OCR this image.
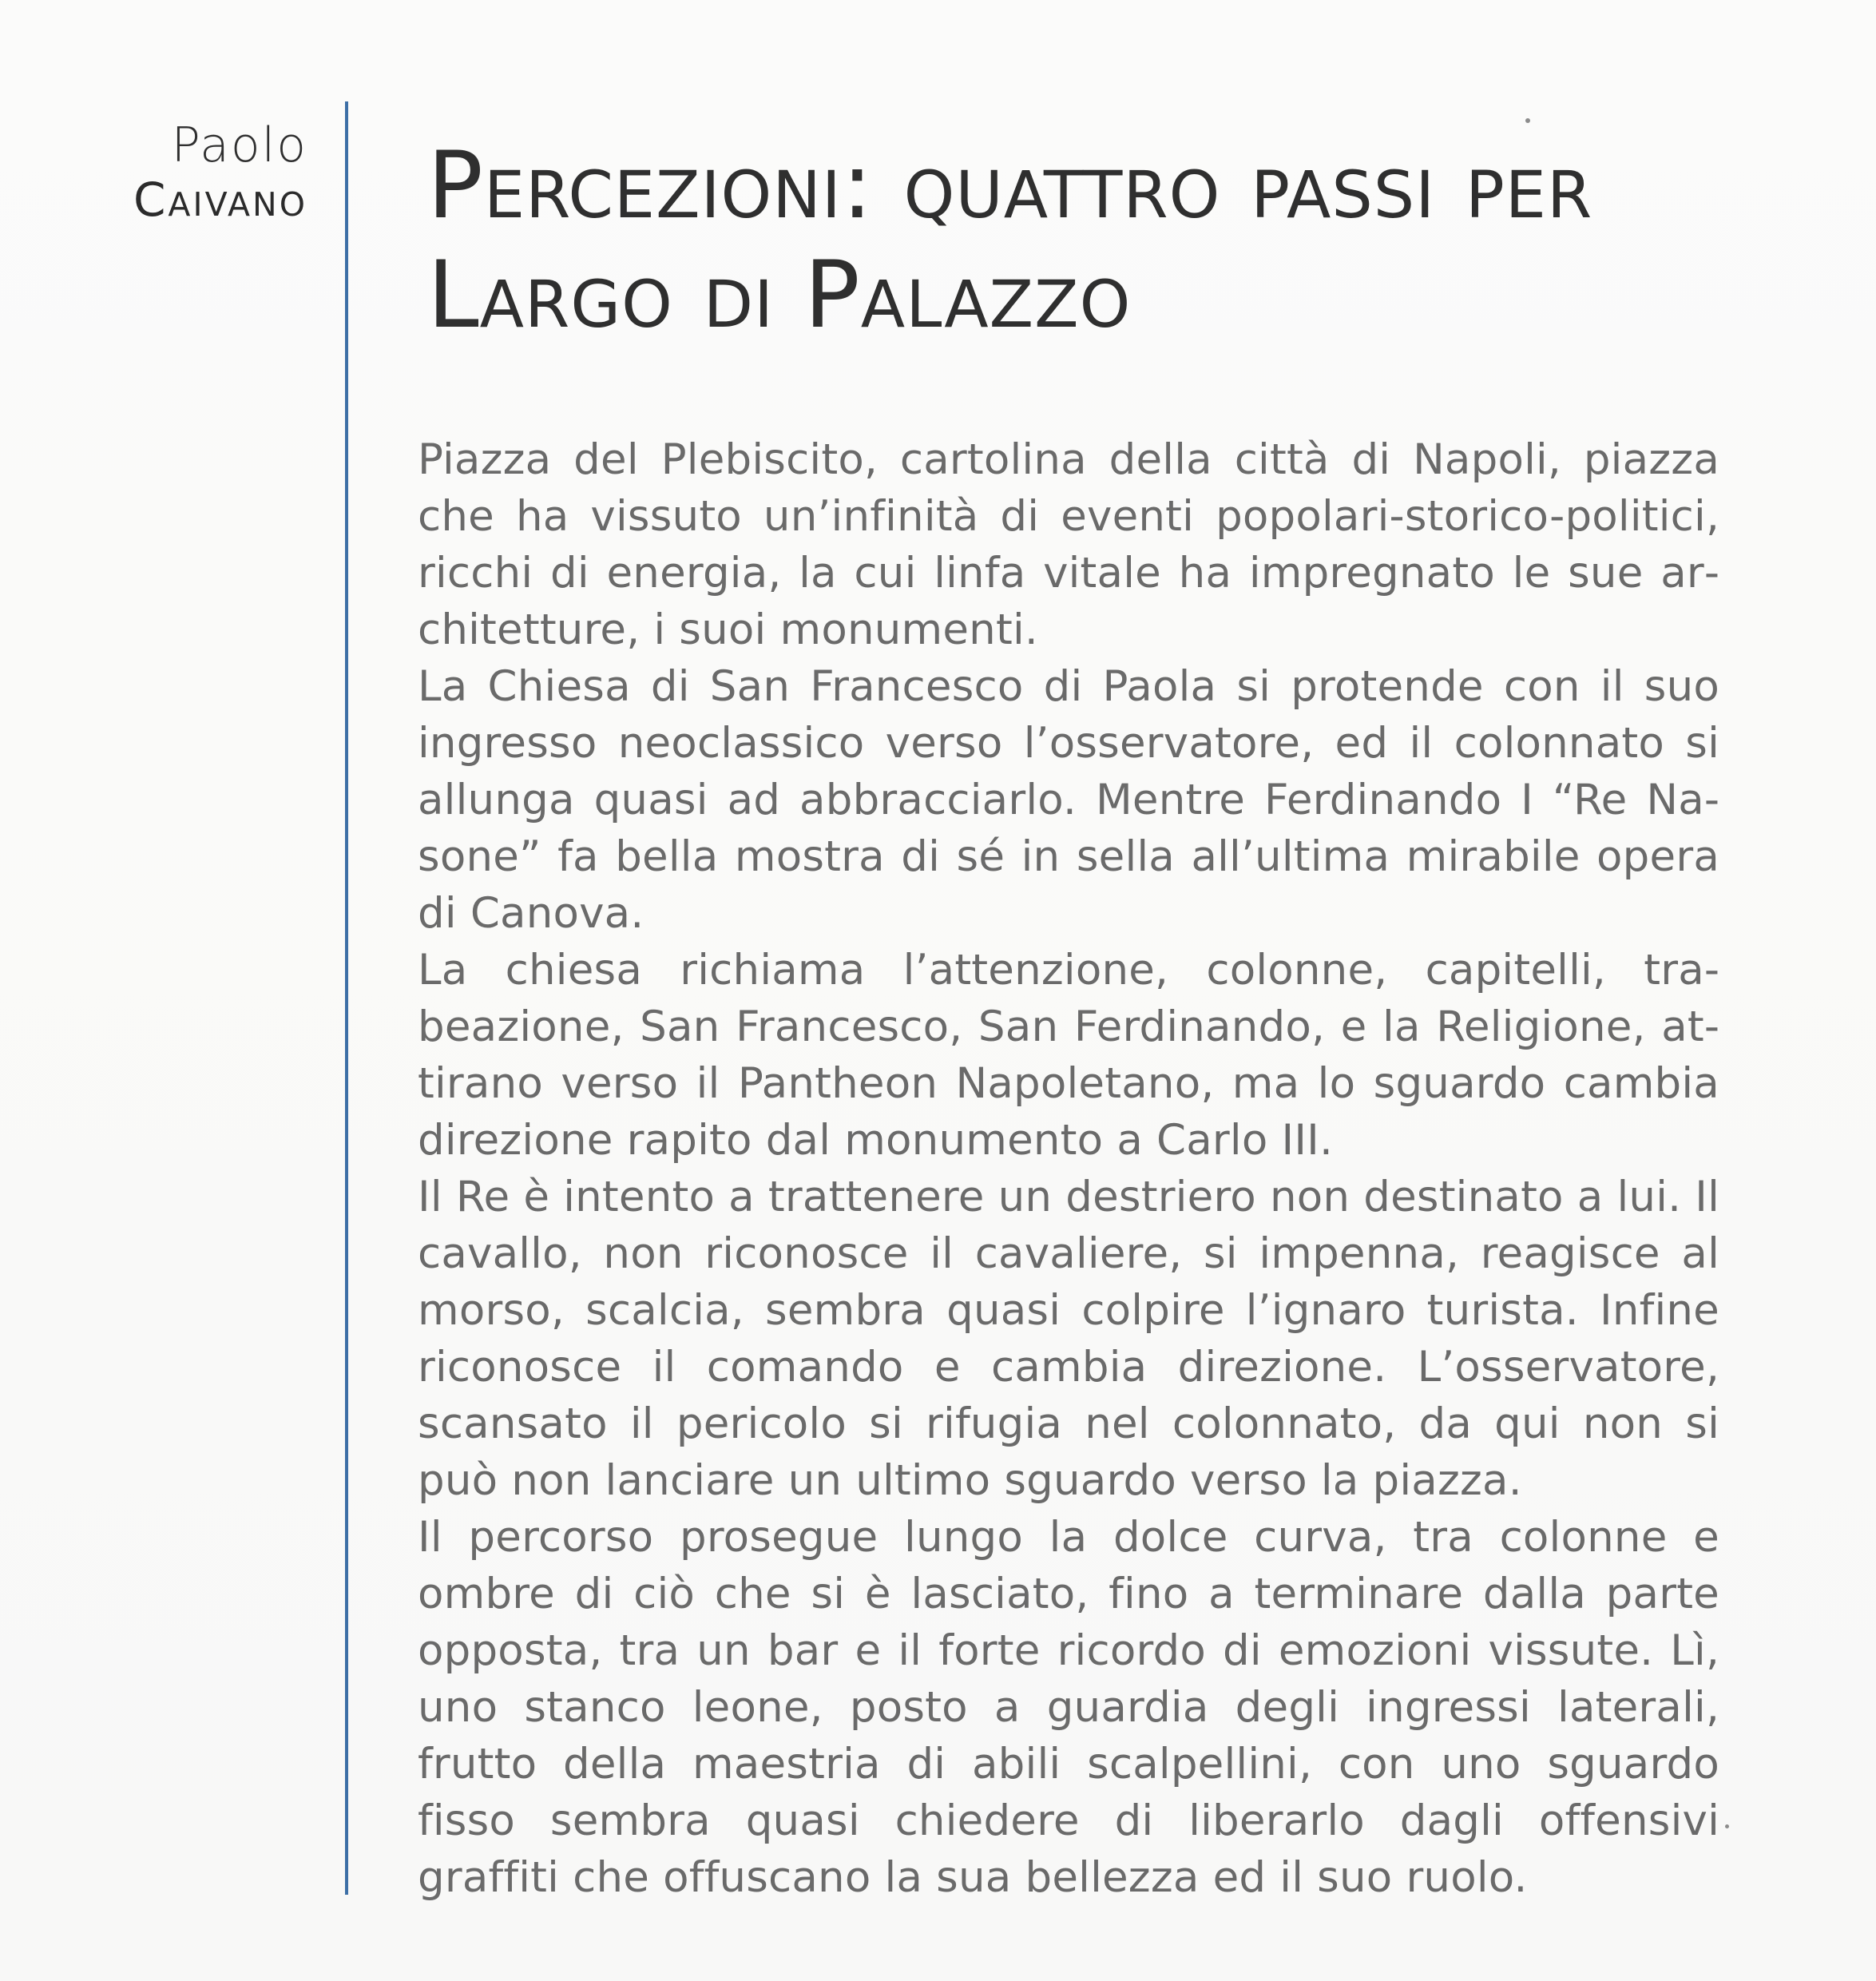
Paolo
Caivano Percezioni: quattro passi per Largo di Palazzo

Piazza del Plebiscito, cartolina della città di Napoli, piazza che ha vissuto un’infinità di eventi popolari-storico-politici, ricchi di energia, la cui linfa vitale ha impregnato le sue architetture, i suoi monumenti.

La Chiesa di San Francesco di Paola si protende con il suo ingresso neoclassico verso l’osservatore, ed il colonnato si allunga quasi ad abbracciarlo. Mentre Ferdinando I “Re Nasone” fa bella mostra di sé in sella all’ultima mirabile opera di Canova.

La chiesa richiama l’attenzione, colonne, capitelli, trabeazione, San Francesco, San Ferdinando, e la Religione, attirano verso il Pantheon Napoletano, ma lo sguardo cambia direzione rapito dal monumento a Carlo III.

Il Re è intento a trattenere un destriero non destinato a lui. Il cavallo, non riconosce il cavaliere, si impenna, reagisce al morso, scalcia, sembra quasi colpire l’ignaro turista. Infine riconosce il comando e cambia direzione. L’osservatore, scansato il pericolo si rifugia nel colonnato, da qui non si può non lanciare un ultimo sguardo verso la piazza.

Il percorso prosegue lungo la dolce curva, tra colonne e ombre di ciò che si è lasciato, fino a terminare dalla parte opposta, tra un bar e il forte ricordo di emozioni vissute. Lì, uno stanco leone, posto a guardia degli ingressi laterali, frutto della maestria di abili scalpellini, con uno sguardo fisso sembra quasi chiedere di liberarlo dagli offensivi graffiti che offuscano la sua bellezza ed il suo ruolo.
